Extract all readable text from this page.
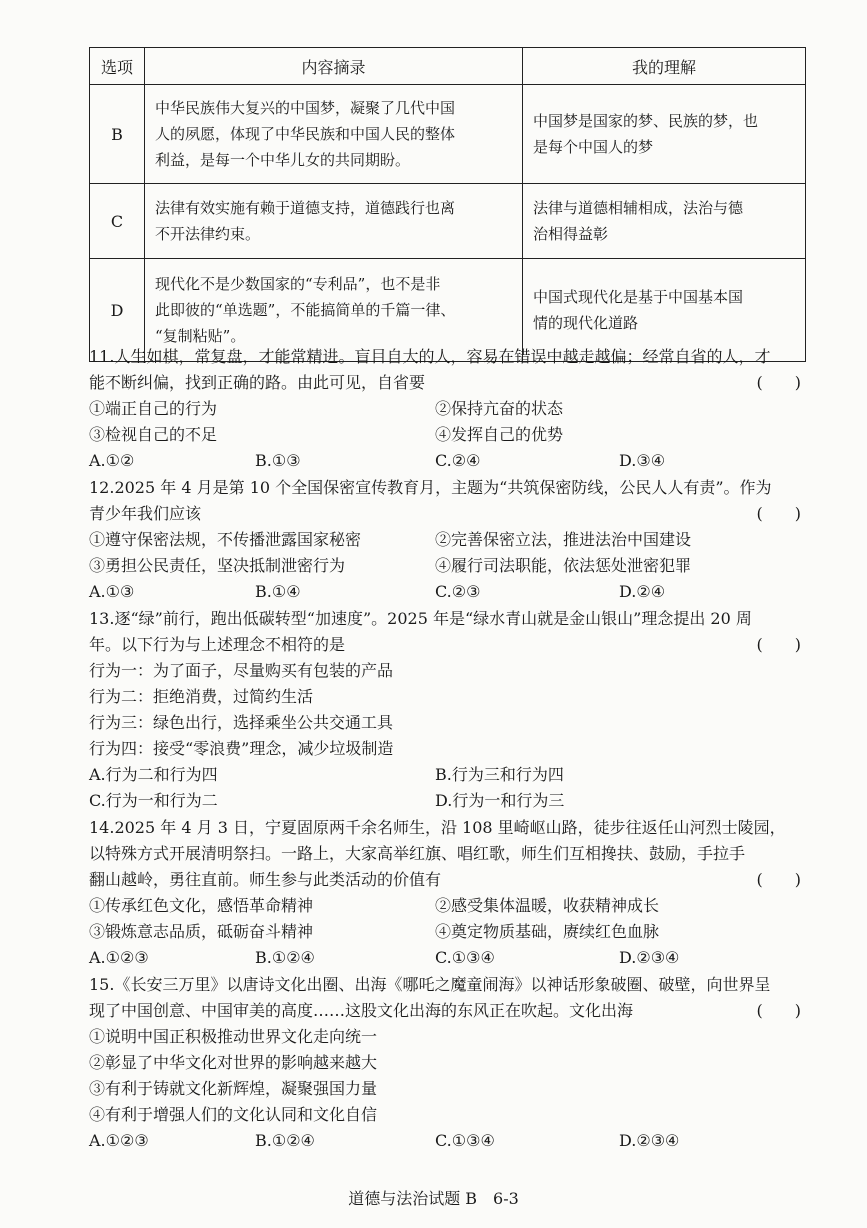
选项	内容摘录	我的理解
B	中华民族伟大复兴的中国梦，凝聚了几代中国
人的夙愿，体现了中华民族和中国人民的整体
利益，是每一个中华儿女的共同期盼。	中国梦是国家的梦、民族的梦，也
是每个中国人的梦

C	法律有效实施有赖于道德支持，道德践行也离
不开法律约束。	法律与道德相辅相成，法治与德
治相得益彰

D	现代化不是少数国家的“专利品”，也不是非
此即彼的“单选题”，不能搞简单的千篇一律、
“复制粘贴”。	中国式现代化是基于中国基本国
情的现代化道路
11.人生如棋，常复盘，才能常精进。盲目自大的人，容易在错误中越走越偏；经常自省的人，才
能不断纠偏，找到正确的路。由此可见，自省要	(　　)
①端正自己的行为	②保持亢奋的状态
③检视自己的不足	④发挥自己的优势
A.①②	B.①③	C.②④	D.③④
12.2025 年 4 月是第 10 个全国保密宣传教育月，主题为“共筑保密防线，公民人人有责”。作为
青少年我们应该	(　　)
①遵守保密法规，不传播泄露国家秘密	②完善保密立法，推进法治中国建设
③勇担公民责任，坚决抵制泄密行为	④履行司法职能，依法惩处泄密犯罪
A.①③	B.①④	C.②③	D.②④
13.逐“绿”前行，跑出低碳转型“加速度”。2025 年是“绿水青山就是金山银山”理念提出 20 周
年。以下行为与上述理念不相符的是	(　　)
行为一：为了面子，尽量购买有包装的产品
行为二：拒绝消费，过简约生活
行为三：绿色出行，选择乘坐公共交通工具
行为四：接受“零浪费”理念，减少垃圾制造
A.行为二和行为四	B.行为三和行为四
C.行为一和行为二	D.行为一和行为三
14.2025 年 4 月 3 日，宁夏固原两千余名师生，沿 108 里崎岖山路，徒步往返任山河烈士陵园，
以特殊方式开展清明祭扫。一路上，大家高举红旗、唱红歌，师生们互相搀扶、鼓励，手拉手
翻山越岭，勇往直前。师生参与此类活动的价值有	(　　)
①传承红色文化，感悟革命精神	②感受集体温暖，收获精神成长
③锻炼意志品质，砥砺奋斗精神	④奠定物质基础，赓续红色血脉
A.①②③	B.①②④	C.①③④	D.②③④
15.《长安三万里》以唐诗文化出圈、出海《哪吒之魔童闹海》以神话形象破圈、破壁，向世界呈
现了中国创意、中国审美的高度……这股文化出海的东风正在吹起。文化出海	(　　)
①说明中国正积极推动世界文化走向统一
②彰显了中华文化对世界的影响越来越大
③有利于铸就文化新辉煌，凝聚强国力量
④有利于增强人们的文化认同和文化自信
A.①②③	B.①②④	C.①③④	D.②③④
道德与法治试题 B　6-3
